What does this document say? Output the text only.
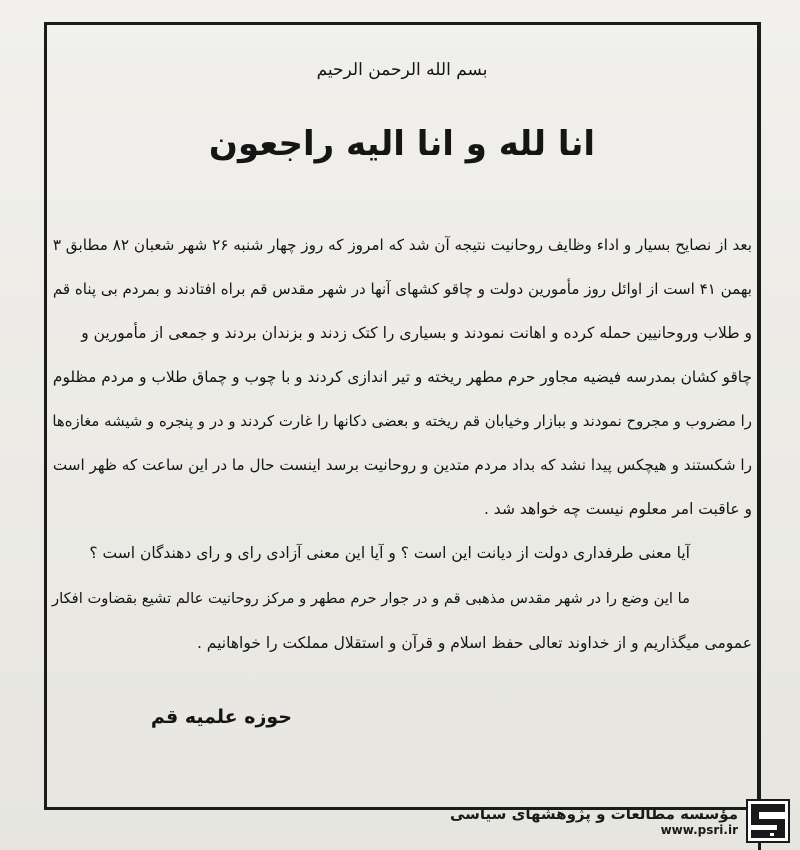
بسم الله الرحمن الرحیم
انا لله و انا الیه راجعون
بعد از نصایح بسیار و اداء وظایف روحانیت نتیجه آن شد که امروز که روز چهار شنبه ۲۶ شهر شعبان ۸۲ مطابق ۳
بهمن ۴۱ است از اوائل روز مأمورین دولت و چاقو کشهای آنها در شهر مقدس قم براه افتادند و بمردم بی پناه قم
و طلاب وروحانیین حمله کرده و اهانت نمودند و بسیاری را کتک زدند و بزندان بردند و جمعی از مأمورین و
چاقو کشان بمدرسه فیضیه مجاور حرم مطهر ریخته و تیر اندازی کردند و با چوب و چماق طلاب و مردم مظلوم
را مضروب و مجروح نمودند و ببازار وخیابان قم ریخته و بعضی دکانها را غارت کردند و در و پنجره و شیشه مغازه‌ها
را شکستند و هیچکس پیدا نشد که بداد مردم متدین و روحانیت برسد اینست حال ما در این ساعت که ظهر است
و عاقبت امر معلوم نیست چه خواهد شد .
آیا معنی طرفداری دولت از دیانت این است ؟ و آیا این معنی آزادی رای و رای دهندگان است ؟
ما این وضع را در شهر مقدس مذهبی قم و در جوار حرم مطهر و مرکز روحانیت عالم تشیع بقضاوت افکار
عمومی میگذاریم و از خداوند تعالی حفظ اسلام و قرآن و استقلال مملکت را خواهانیم .
حوزه علمیه قم
مؤسسه مطالعات و پژوهشهای سیاسی
www.psri.ir
